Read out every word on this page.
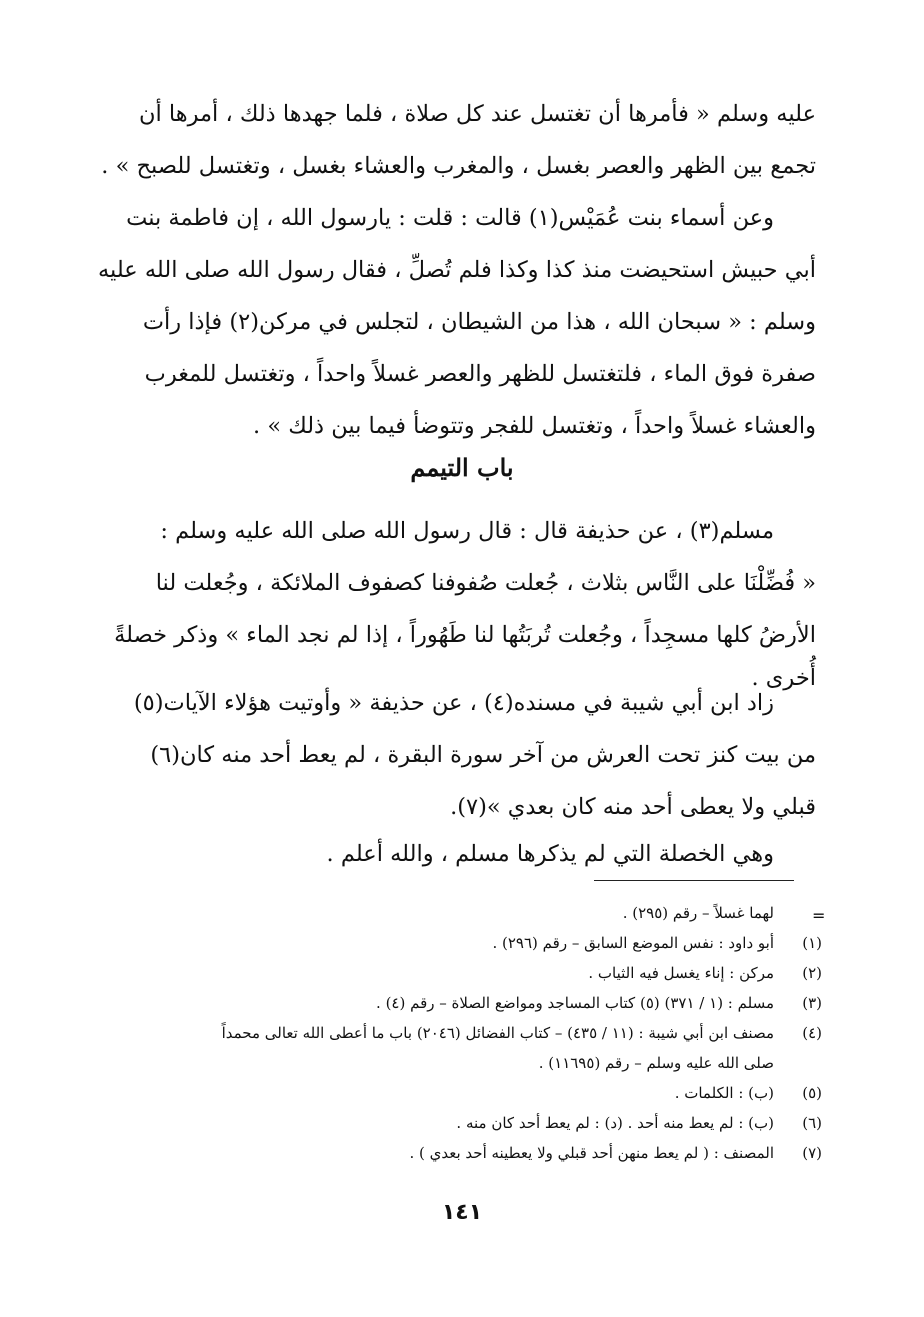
عليه وسلم « فأمرها أن تغتسل عند كل صلاة ، فلما جهدها ذلك ، أمرها أن
تجمع بين الظهر والعصر بغسل ، والمغرب والعشاء بغسل ، وتغتسل للصبح » .
وعن أسماء بنت عُمَيْس(١) قالت : قلت : يارسول الله ، إن فاطمة بنت
أبي حبيش استحيضت منذ كذا وكذا فلم تُصلِّ ، فقال رسول الله صلى الله عليه
وسلم : « سبحان الله ، هذا من الشيطان ، لتجلس في مركن(٢) فإذا رأت
صفرة فوق الماء ، فلتغتسل للظهر والعصر غسلاً واحداً ، وتغتسل للمغرب
والعشاء غسلاً واحداً ، وتغتسل للفجر وتتوضأ فيما بين ذلك » .
باب التيمم
مسلم(٣) ، عن حذيفة قال : قال رسول الله صلى الله عليه وسلم :
« فُضِّلْنَا على النَّاس بثلاث ، جُعلت صُفوفنا كصفوف الملائكة ، وجُعلت لنا
الأرضُ كلها مسجِداً ، وجُعلت تُربَتُها لنا طَهُوراً ، إذا لم نجد الماء » وذكر خصلةً
أُخرى .
زاد ابن أبي شيبة في مسنده(٤) ، عن حذيفة « وأوتيت هؤلاء الآيات(٥)
من بيت كنز تحت العرش من آخر سورة البقرة ، لم يعط أحد منه كان(٦)
قبلي ولا يعطى أحد منه كان بعدي »(٧).
وهي الخصلة التي لم يذكرها مسلم ، والله أعلم .
=
لهما غسلاً – رقم (٢٩٥) .
(١)
أبو داود : نفس الموضع السابق – رقم (٢٩٦) .
(٢)
مركن : إناء يغسل فيه الثياب .
(٣)
مسلم : (١ / ٣٧١) (٥) كتاب المساجد ومواضع الصلاة – رقم (٤) .
(٤)
مصنف ابن أبي شيبة : (١١ / ٤٣٥) – كتاب الفضائل (٢٠٤٦) باب ما أعطى الله تعالى محمداً
صلى الله عليه وسلم – رقم (١١٦٩٥) .
(٥)
(ب) : الكلمات .
(٦)
(ب) : لم يعط منه أحد . (د) : لم يعط أحد كان منه .
(٧)
المصنف : ( لم يعط منهن أحد قبلي ولا يعطينه أحد بعدي ) .
١٤١
